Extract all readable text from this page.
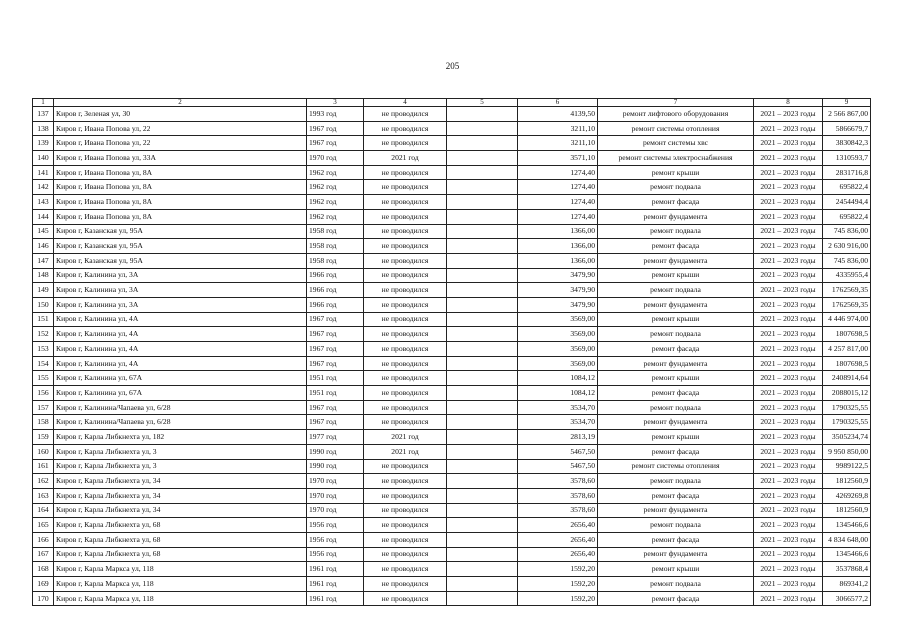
205
1	2	3	4	5	6	7	8	9
137	Киров г, Зеленая ул, 30	1993 год	не проводился		4139,50	ремонт лифтового оборудования	2021 – 2023 годы	2 566 867,00
138	Киров г, Ивана Попова ул, 22	1967 год	не проводился		3211,10	ремонт системы отопления	2021 – 2023 годы	5866679,7
139	Киров г, Ивана Попова ул, 22	1967 год	не проводился		3211,10	ремонт системы хвс	2021 – 2023 годы	3830842,3
140	Киров г, Ивана Попова ул, 33А	1970 год	2021 год		3571,10	ремонт системы электроснабжения	2021 – 2023 годы	1310593,7
141	Киров г, Ивана Попова ул, 8А	1962 год	не проводился		1274,40	ремонт крыши	2021 – 2023 годы	2831716,8
142	Киров г, Ивана Попова ул, 8А	1962 год	не проводился		1274,40	ремонт подвала	2021 – 2023 годы	695822,4
143	Киров г, Ивана Попова ул, 8А	1962 год	не проводился		1274,40	ремонт фасада	2021 – 2023 годы	2454494,4
144	Киров г, Ивана Попова ул, 8А	1962 год	не проводился		1274,40	ремонт фундамента	2021 – 2023 годы	695822,4
145	Киров г, Казанская ул, 95А	1958 год	не проводился		1366,00	ремонт подвала	2021 – 2023 годы	745 836,00
146	Киров г, Казанская ул, 95А	1958 год	не проводился		1366,00	ремонт фасада	2021 – 2023 годы	2 630 916,00
147	Киров г, Казанская ул, 95А	1958 год	не проводился		1366,00	ремонт фундамента	2021 – 2023 годы	745 836,00
148	Киров г, Калинина ул, 3А	1966 год	не проводился		3479,90	ремонт крыши	2021 – 2023 годы	4335955,4
149	Киров г, Калинина ул, 3А	1966 год	не проводился		3479,90	ремонт подвала	2021 – 2023 годы	1762569,35
150	Киров г, Калинина ул, 3А	1966 год	не проводился		3479,90	ремонт фундамента	2021 – 2023 годы	1762569,35
151	Киров г, Калинина ул, 4А	1967 год	не проводился		3569,00	ремонт крыши	2021 – 2023 годы	4 446 974,00
152	Киров г, Калинина ул, 4А	1967 год	не проводился		3569,00	ремонт подвала	2021 – 2023 годы	1807698,5
153	Киров г, Калинина ул, 4А	1967 год	не проводился		3569,00	ремонт фасада	2021 – 2023 годы	4 257 817,00
154	Киров г, Калинина ул, 4А	1967 год	не проводился		3569,00	ремонт фундамента	2021 – 2023 годы	1807698,5
155	Киров г, Калинина ул, 67А	1951 год	не проводился		1084,12	ремонт крыши	2021 – 2023 годы	2408914,64
156	Киров г, Калинина ул, 67А	1951 год	не проводился		1084,12	ремонт фасада	2021 – 2023 годы	2088015,12
157	Киров г, Калинина/Чапаева ул, 6/28	1967 год	не проводился		3534,70	ремонт подвала	2021 – 2023 годы	1790325,55
158	Киров г, Калинина/Чапаева ул, 6/28	1967 год	не проводился		3534,70	ремонт фундамента	2021 – 2023 годы	1790325,55
159	Киров г, Карла Либкнехта ул, 182	1977 год	2021 год		2813,19	ремонт крыши	2021 – 2023 годы	3505234,74
160	Киров г, Карла Либкнехта ул, 3	1990 год	2021 год		5467,50	ремонт фасада	2021 – 2023 годы	9 950 850,00
161	Киров г, Карла Либкнехта ул, 3	1990 год	не проводился		5467,50	ремонт системы отопления	2021 – 2023 годы	9989122,5
162	Киров г, Карла Либкнехта ул, 34	1970 год	не проводился		3578,60	ремонт подвала	2021 – 2023 годы	1812560,9
163	Киров г, Карла Либкнехта ул, 34	1970 год	не проводился		3578,60	ремонт фасада	2021 – 2023 годы	4269269,8
164	Киров г, Карла Либкнехта ул, 34	1970 год	не проводился		3578,60	ремонт фундамента	2021 – 2023 годы	1812560,9
165	Киров г, Карла Либкнехта ул, 68	1956 год	не проводился		2656,40	ремонт подвала	2021 – 2023 годы	1345466,6
166	Киров г, Карла Либкнехта ул, 68	1956 год	не проводился		2656,40	ремонт фасада	2021 – 2023 годы	4 834 648,00
167	Киров г, Карла Либкнехта ул, 68	1956 год	не проводился		2656,40	ремонт фундамента	2021 – 2023 годы	1345466,6
168	Киров г, Карла Маркса ул, 118	1961 год	не проводился		1592,20	ремонт крыши	2021 – 2023 годы	3537868,4
169	Киров г, Карла Маркса ул, 118	1961 год	не проводился		1592,20	ремонт подвала	2021 – 2023 годы	869341,2
170	Киров г, Карла Маркса ул, 118	1961 год	не проводился		1592,20	ремонт фасада	2021 – 2023 годы	3066577,2
